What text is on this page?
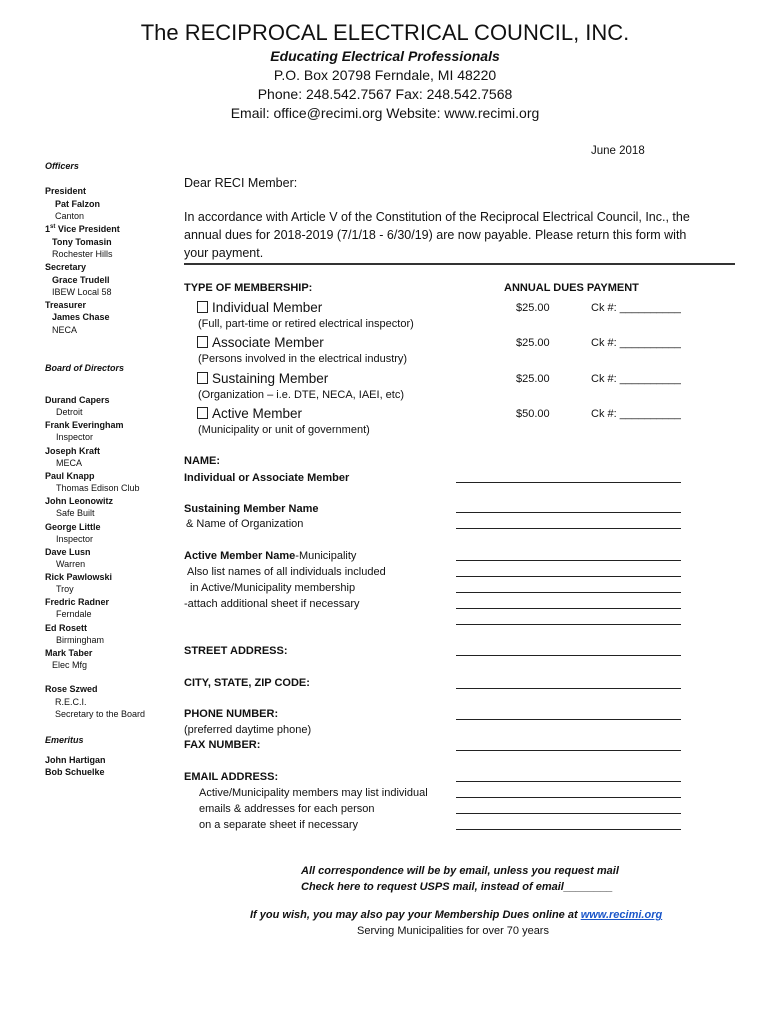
The RECIPROCAL ELECTRICAL COUNCIL, INC.
Educating Electrical Professionals
P.O. Box 20798 Ferndale, MI 48220
Phone: 248.542.7567 Fax: 248.542.7568
Email: office@recimi.org Website: www.recimi.org
June 2018
Officers
President
Pat Falzon
Canton
1st Vice President
Tony Tomasin
Rochester Hills
Secretary
Grace Trudell
IBEW Local 58
Treasurer
James Chase
NECA
Board of Directors
Durand Capers
Detroit
Frank Everingham
Inspector
Joseph Kraft
MECA
Paul Knapp
Thomas Edison Club
John Leonowitz
Safe Built
George Little
Inspector
Dave Lusn
Warren
Rick Pawlowski
Troy
Fredric Radner
Ferndale
Ed Rosett
Birmingham
Mark Taber
Elec Mfg
Rose Szwed
R.E.C.I.
Secretary to the Board
Emeritus
John Hartigan
Bob Schuelke
Dear RECI Member:
In accordance with Article V of the Constitution of the Reciprocal Electrical Council, Inc., the
annual dues for 2018-2019 (7/1/18 - 6/30/19) are now payable. Please return this form with
your payment.
TYPE OF MEMBERSHIP:	ANNUAL DUES PAYMENT
Individual Member
(Full, part-time or retired electrical inspector)
$25.00	Ck #: __________
Associate Member
(Persons involved in the electrical industry)
$25.00	Ck #: __________
Sustaining Member
(Organization – i.e. DTE, NECA, IAEI, etc)
$25.00	Ck #: __________
Active Member
(Municipality or unit of government)
$50.00	Ck #: __________
NAME:
Individual or Associate Member
Sustaining Member Name
& Name of Organization
Active Member Name-Municipality
Also list names of all individuals included
in Active/Municipality membership
-attach additional sheet if necessary
STREET ADDRESS:
CITY, STATE, ZIP CODE:
PHONE NUMBER:
(preferred daytime phone)
FAX NUMBER:
EMAIL ADDRESS:
Active/Municipality members may list individual
emails & addresses for each person
on a separate sheet if necessary
All correspondence will be by email, unless you request mail
Check here to request USPS mail, instead of email________
If you wish, you may also pay your Membership Dues online at www.recimi.org
Serving Municipalities for over 70 years
